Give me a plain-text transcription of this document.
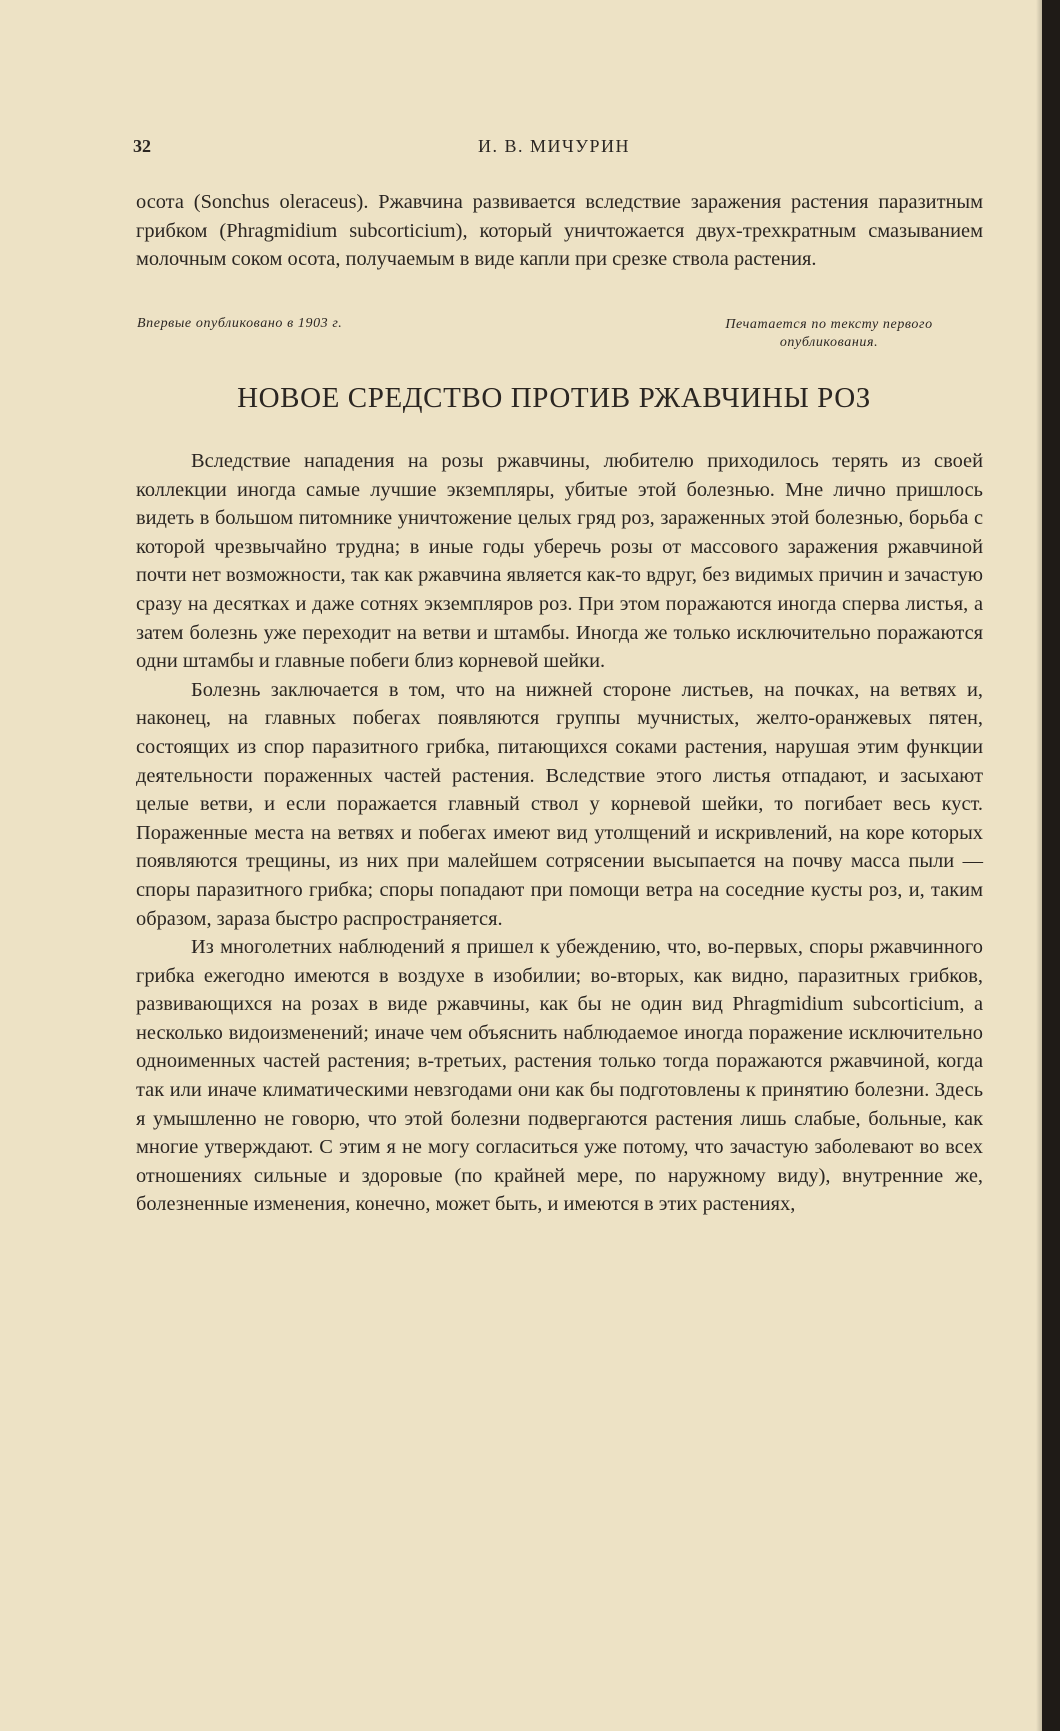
32	И. В. МИЧУРИН

осота (Sonchus oleraceus). Ржавчина развивается вследствие заражения растения паразитным грибком (Phragmidium subcorticium), который уничтожается двух-трехкратным смазыванием молочным соком осота, получаемым в виде капли при срезке ствола растения.

Впервые опубликовано в 1903 г.	Печатается по тексту первого опубликования.
НОВОЕ СРЕДСТВО ПРОТИВ РЖАВЧИНЫ РОЗ

Вследствие нападения на розы ржавчины, любителю приходилось терять из своей коллекции иногда самые лучшие экземпляры, убитые этой болезнью. Мне лично пришлось видеть в большом питомнике уничтожение целых гряд роз, зараженных этой болезнью, борьба с которой чрезвычайно трудна; в иные годы уберечь розы от массового заражения ржавчиной почти нет возможности, так как ржавчина является как-то вдруг, без видимых причин и зачастую сразу на десятках и даже сотнях экземпляров роз. При этом поражаются иногда сперва листья, а затем болезнь уже переходит на ветви и штамбы. Иногда же только исключительно поражаются одни штамбы и главные побеги близ корневой шейки.

Болезнь заключается в том, что на нижней стороне листьев, на почках, на ветвях и, наконец, на главных побегах появляются группы мучнистых, желто-оранжевых пятен, состоящих из спор паразитного грибка, питающихся соками растения, нарушая этим функции деятельности пораженных частей растения. Вследствие этого листья отпадают, и засыхают целые ветви, и если поражается главный ствол у корневой шейки, то погибает весь куст. Пораженные места на ветвях и побегах имеют вид утолщений и искривлений, на коре которых появляются трещины, из них при малейшем сотрясении высыпается на почву масса пыли — споры паразитного грибка; споры попадают при помощи ветра на соседние кусты роз, и, таким образом, зараза быстро распространяется.

Из многолетних наблюдений я пришел к убеждению, что, во-первых, споры ржавчинного грибка ежегодно имеются в воздухе в изобилии; во-вторых, как видно, паразитных грибков, развивающихся на розах в виде ржавчины, как бы не один вид Phragmidium subcorticium, а несколько видоизменений; иначе чем объяснить наблюдаемое иногда поражение исключительно одноименных частей растения; в-третьих, растения только тогда поражаются ржавчиной, когда так или иначе климатическими невзгодами они как бы подготовлены к принятию болезни. Здесь я умышленно не говорю, что этой болезни подвергаются растения лишь слабые, больные, как многие утверждают. С этим я не могу согласиться уже потому, что зачастую заболевают во всех отношениях сильные и здоровые (по крайней мере, по наружному виду), внутренние же, болезненные изменения, конечно, может быть, и имеются в этих растениях,
